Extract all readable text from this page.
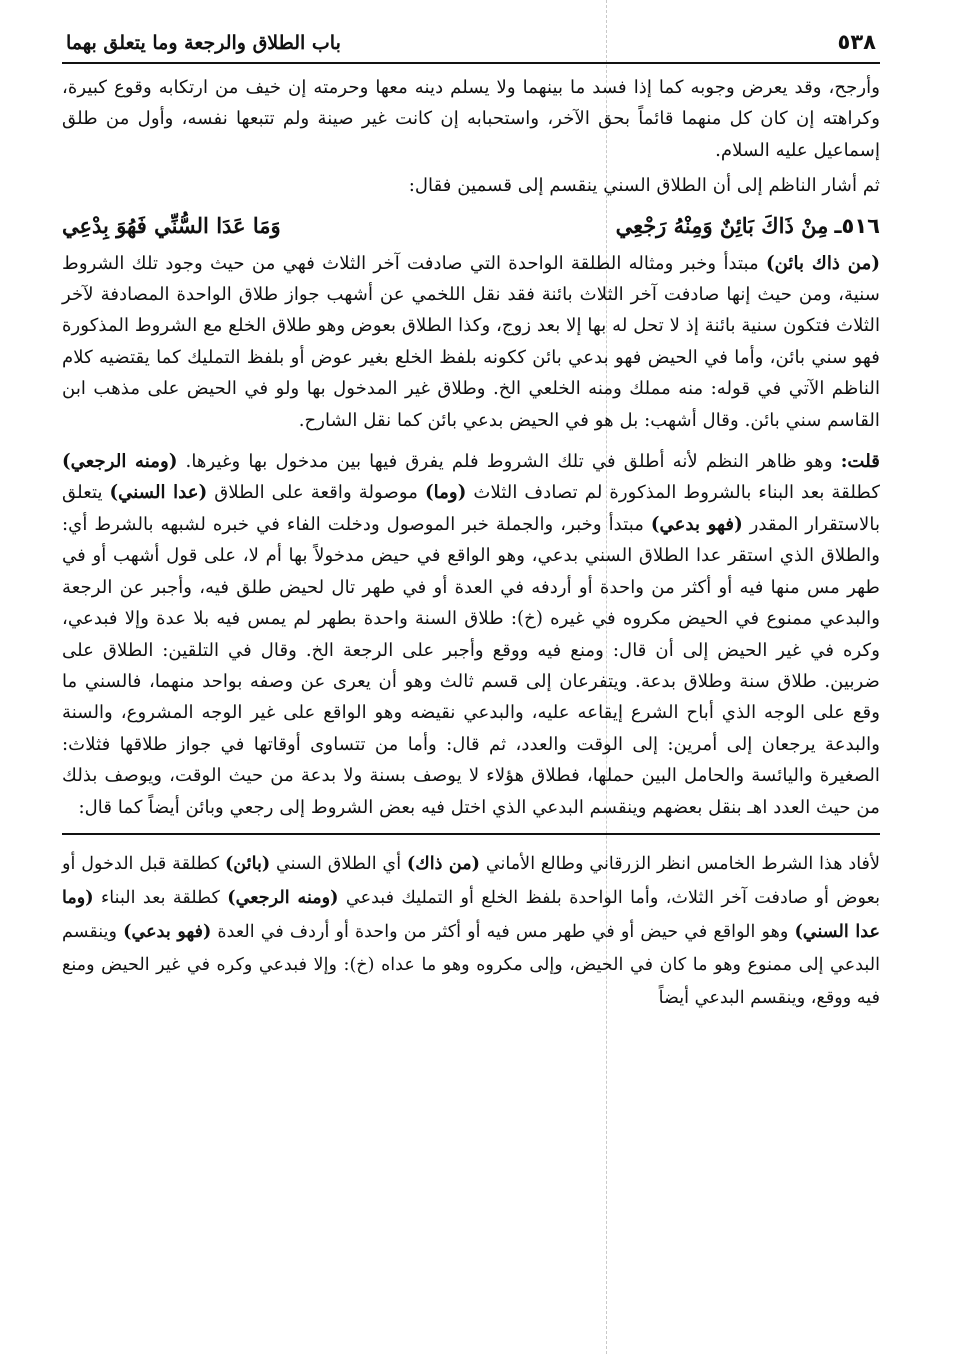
٥٣٨
باب الطلاق والرجعة وما يتعلق بهما

وأرجح، وقد يعرض وجوبه كما إذا فسد ما بينهما ولا يسلم دينه معها وحرمته إن خيف من ارتكابه وقوع كبيرة، وكراهته إن كان كل منهما قائماً بحق الآخر، واستحبابه إن كانت غير صينة ولم تتبعها نفسه، وأول من طلق إسماعيل عليه السلام.

ثم أشار الناظم إلى أن الطلاق السني ينقسم إلى قسمين فقال:

٥١٦ـ
مِنْ ذَاكَ بَائِنٌ وَمِنْهُ رَجْعِي
وَمَا عَدَا السُّنِّي فَهُوَ بِدْعِي

(من ذاك بائن) مبتدأ وخبر ومثاله الطلقة الواحدة التي صادفت آخر الثلاث فهي من حيث وجود تلك الشروط سنية، ومن حيث إنها صادفت آخر الثلاث بائنة فقد نقل اللخمي عن أشهب جواز طلاق الواحدة المصادفة لآخر الثلاث فتكون سنية بائنة إذ لا تحل له بها إلا بعد زوج، وكذا الطلاق بعوض وهو طلاق الخلع مع الشروط المذكورة فهو سني بائن، وأما في الحيض فهو بدعي بائن ككونه بلفظ الخلع بغير عوض أو بلفظ التمليك كما يقتضيه كلام الناظم الآتي في قوله: منه مملك ومنه الخلعي الخ. وطلاق غير المدخول بها ولو في الحيض على مذهب ابن القاسم سني بائن. وقال أشهب: بل هو في الحيض بدعي بائن كما نقل الشارح.

قلت: وهو ظاهر النظم لأنه أطلق في تلك الشروط فلم يفرق فيها بين مدخول بها وغيرها. (ومنه الرجعي) كطلقة بعد البناء بالشروط المذكورة لم تصادف الثلاث (وما) موصولة واقعة على الطلاق (عدا السني) يتعلق بالاستقرار المقدر (فهو بدعي) مبتدأ وخبر، والجملة خبر الموصول ودخلت الفاء في خبره لشبهه بالشرط أي: والطلاق الذي استقر عدا الطلاق السني بدعي، وهو الواقع في حيض مدخولاً بها أم لا، على قول أشهب أو في طهر مس منها فيه أو أكثر من واحدة أو أردفه في العدة أو في طهر تال لحيض طلق فيه، وأجبر عن الرجعة والبدعي ممنوع في الحيض مكروه في غيره (خ): طلاق السنة واحدة بطهر لم يمس فيه بلا عدة وإلا فبدعي، وكره في غير الحيض إلى أن قال: ومنع فيه ووقع وأجبر على الرجعة الخ. وقال في التلقين: الطلاق على ضربين. طلاق سنة وطلاق بدعة. ويتفرعان إلى قسم ثالث وهو أن يعرى عن وصفه بواحد منهما، فالسني ما وقع على الوجه الذي أباح الشرع إيقاعه عليه، والبدعي نقيضه وهو الواقع على غير الوجه المشروع، والسنة والبدعة يرجعان إلى أمرين: إلى الوقت والعدد، ثم قال: وأما من تتساوى أوقاتها في جواز طلاقها فثلاث: الصغيرة واليائسة والحامل البين حملها، فطلاق هؤلاء لا يوصف بسنة ولا بدعة من حيث الوقت، ويوصف بذلك من حيث العدد اهـ بنقل بعضهم وينقسم البدعي الذي اختل فيه بعض الشروط إلى رجعي وبائن أيضاً كما قال:

لأفاد هذا الشرط الخامس انظر الزرقاني وطالع الأماني (من ذاك) أي الطلاق السني (بائن) كطلقة قبل الدخول أو بعوض أو صادفت آخر الثلاث، وأما الواحدة بلفظ الخلع أو التمليك فبدعي (ومنه الرجعي) كطلقة بعد البناء (وما عدا السني) وهو الواقع في حيض أو في طهر مس فيه أو أكثر من واحدة أو أردف في العدة (فهو بدعي) وينقسم البدعي إلى ممنوع وهو ما كان في الحيض، وإلى مكروه وهو ما عداه (خ): وإلا فبدعي وكره في غير الحيض ومنع فيه ووقع، وينقسم البدعي أيضاً
